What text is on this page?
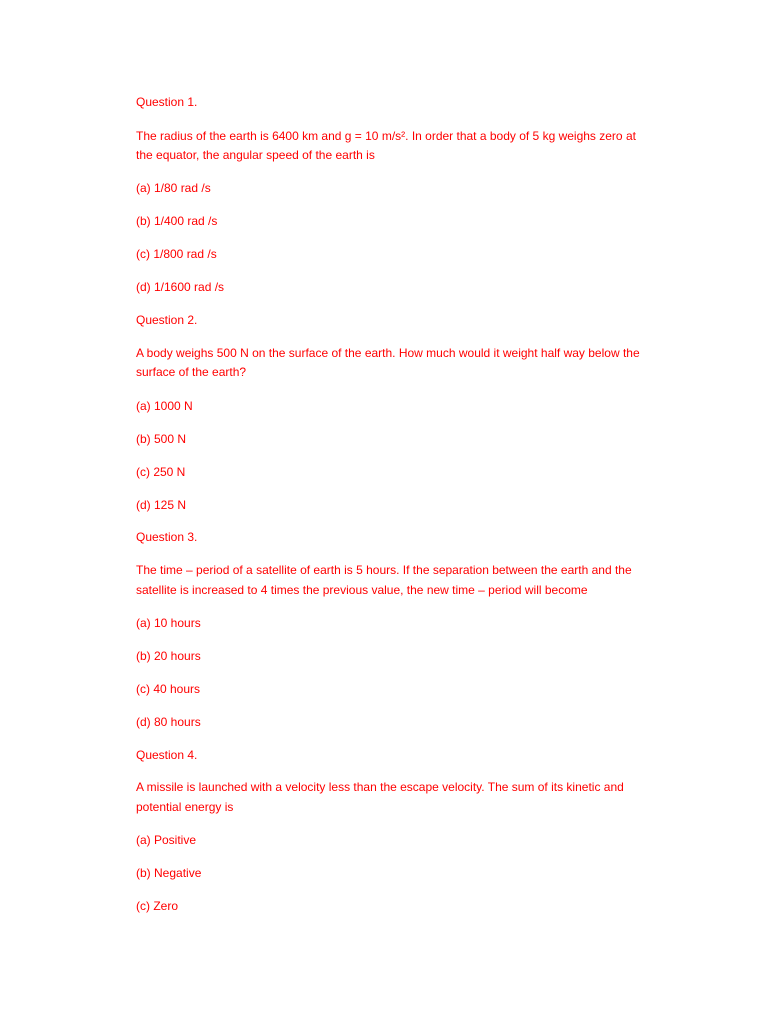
Question 1.

The radius of the earth is 6400 km and g = 10 m/s². In order that a body of 5 kg weighs zero at

the equator, the angular speed of the earth is

(a) 1/80 rad /s

(b) 1/400 rad /s

(c) 1/800 rad /s

(d) 1/1600 rad /s

Question 2.

A body weighs 500 N on the surface of the earth. How much would it weight half way below the

surface of the earth?

(a) 1000 N

(b) 500 N

(c) 250 N

(d) 125 N

Question 3.

The time – period of a satellite of earth is 5 hours. If the separation between the earth and the

satellite is increased to 4 times the previous value, the new time – period will become

(a) 10 hours

(b) 20 hours

(c) 40 hours

(d) 80 hours

Question 4.

A missile is launched with a velocity less than the escape velocity. The sum of its kinetic and

potential energy is

(a) Positive

(b) Negative

(c) Zero
